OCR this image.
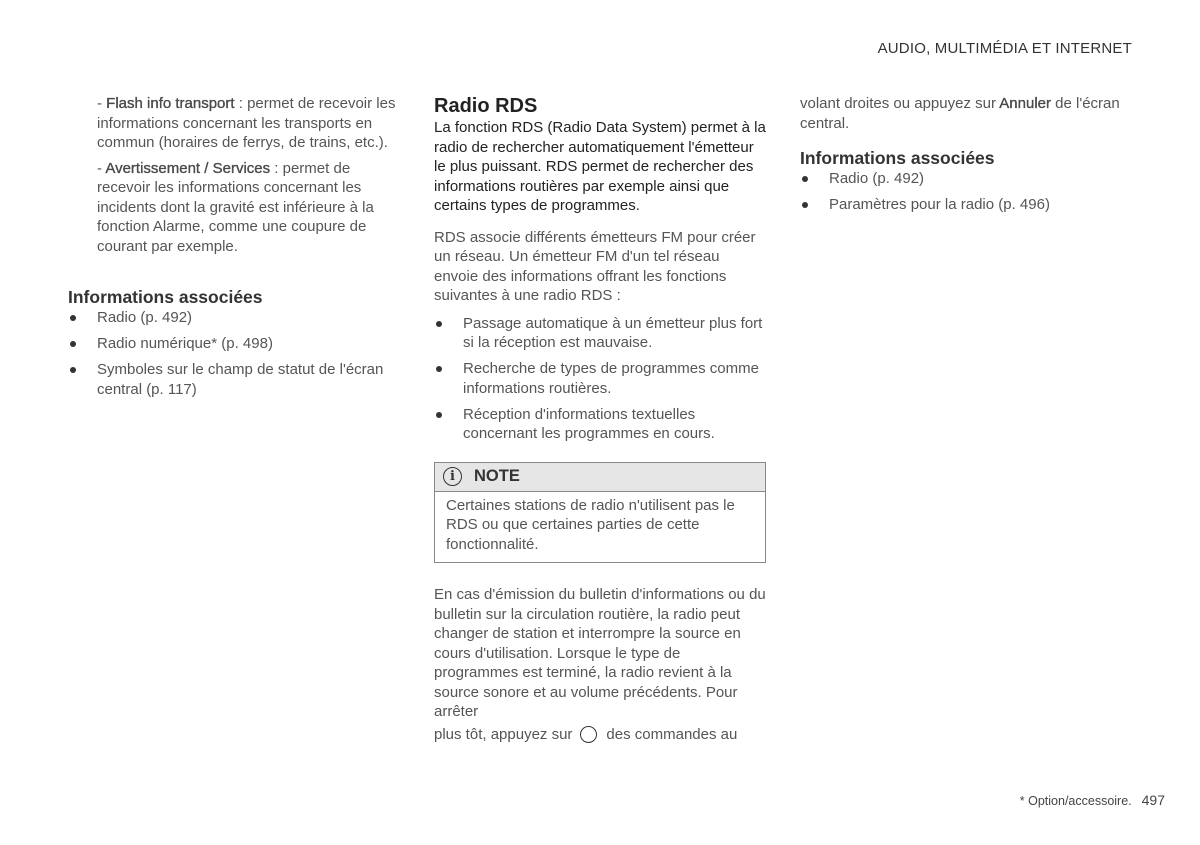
AUDIO, MULTIMÉDIA ET INTERNET

- Flash info transport : permet de recevoir les informations concernant les transports en commun (horaires de ferrys, de trains, etc.).

- Avertissement / Services : permet de recevoir les informations concernant les incidents dont la gravité est inférieure à la fonction Alarme, comme une coupure de courant par exemple.

Informations associées
Radio (p. 492)
Radio numérique* (p. 498)
Symboles sur le champ de statut de l'écran central (p. 117)
Radio RDS

La fonction RDS (Radio Data System) permet à la radio de rechercher automatiquement l'émetteur le plus puissant. RDS permet de rechercher des informations routières par exemple ainsi que certains types de programmes.

RDS associe différents émetteurs FM pour créer un réseau. Un émetteur FM d'un tel réseau envoie des informations offrant les fonctions suivantes à une radio RDS :

Passage automatique à un émetteur plus fort si la réception est mauvaise.
Recherche de types de programmes comme informations routières.
Réception d'informations textuelles concernant les programmes en cours.
i	NOTE
Certaines stations de radio n'utilisent pas le RDS ou que certaines parties de cette fonctionnalité.

En cas d'émission du bulletin d'informations ou du bulletin sur la circulation routière, la radio peut changer de station et interrompre la source en cours d'utilisation. Lorsque le type de programmes est terminé, la radio revient à la source sonore et au volume précédents. Pour arrêter

plus tôt, appuyez sur des commandes au

volant droites ou appuyez sur Annuler de l'écran central.

Informations associées
Radio (p. 492)
Paramètres pour la radio (p. 496)
* Option/accessoire. 497
